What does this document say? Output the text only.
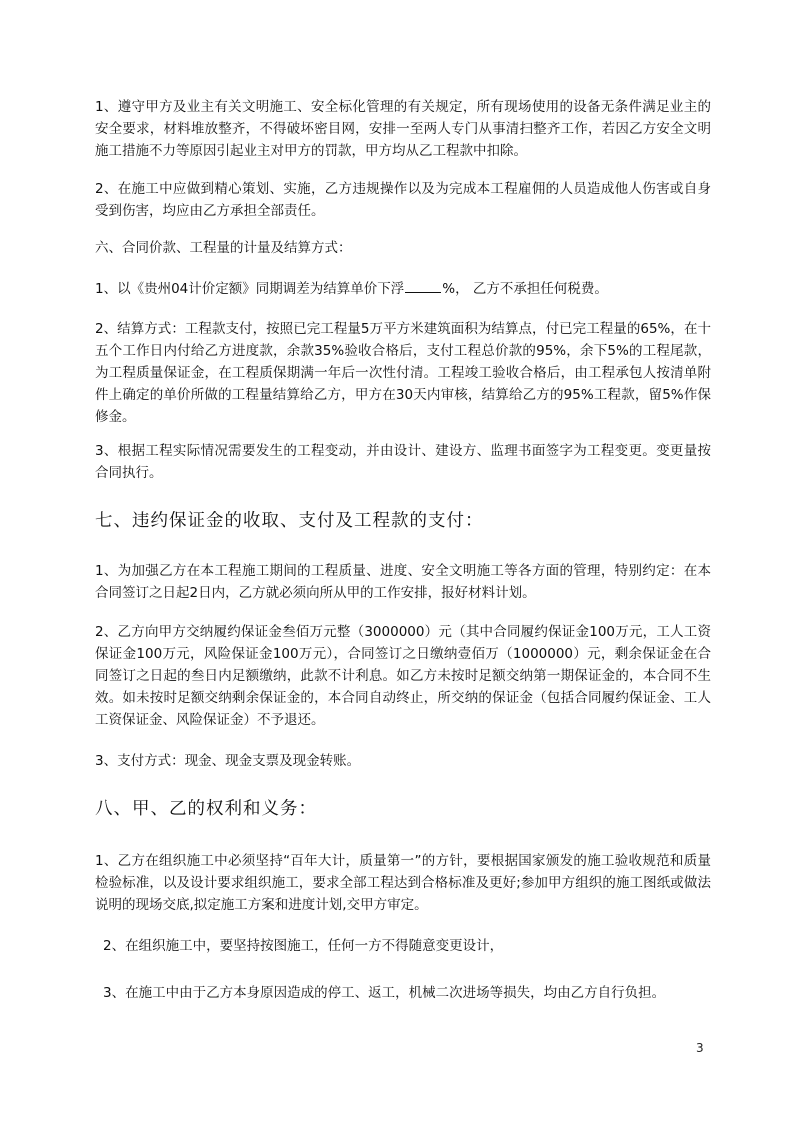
1、遵守甲方及业主有关文明施工、安全标化管理的有关规定，所有现场使用的设备无条件满足业主的安全要求，材料堆放整齐，不得破坏密目网，安排一至两人专门从事清扫整齐工作，若因乙方安全文明施工措施不力等原因引起业主对甲方的罚款，甲方均从乙工程款中扣除。

2、在施工中应做到精心策划、实施，乙方违规操作以及为完成本工程雇佣的人员造成他人伤害或自身受到伤害，均应由乙方承担全部责任。

六、合同价款、工程量的计量及结算方式：

1、以《贵州04计价定额》同期调差为结算单价下浮	%， 乙方不承担任何税费。

2、结算方式：工程款支付，按照已完工程量5万平方米建筑面积为结算点，付已完工程量的65%，在十五个工作日内付给乙方进度款，余款35%验收合格后，支付工程总价款的95%，余下5%的工程尾款，为工程质量保证金，在工程质保期满一年后一次性付清。工程竣工验收合格后，由工程承包人按清单附件上确定的单价所做的工程量结算给乙方，甲方在30天内审核，结算给乙方的95%工程款，留5%作保修金。

3、根据工程实际情况需要发生的工程变动，并由设计、建设方、监理书面签字为工程变更。变更量按合同执行。

七、违约保证金的收取、支付及工程款的支付：

1、为加强乙方在本工程施工期间的工程质量、进度、安全文明施工等各方面的管理，特别约定：在本合同签订之日起2日内，乙方就必须向所从甲的工作安排，报好材料计划。

2、乙方向甲方交纳履约保证金叁佰万元整（3000000）元（其中合同履约保证金100万元，工人工资保证金100万元，风险保证金100万元），合同签订之日缴纳壹佰万（1000000）元，剩余保证金在合同签订之日起的叁日内足额缴纳，此款不计利息。如乙方未按时足额交纳第一期保证金的，本合同不生效。如未按时足额交纳剩余保证金的，本合同自动终止，所交纳的保证金（包括合同履约保证金、工人工资保证金、风险保证金）不予退还。

3、支付方式：现金、现金支票及现金转账。

八、甲、乙的权利和义务：

1、乙方在组织施工中必须坚持“百年大计，质量第一”的方针，要根据国家颁发的施工验收规范和质量检验标准，以及设计要求组织施工，要求全部工程达到合格标准及更好;参加甲方组织的施工图纸或做法说明的现场交底,拟定施工方案和进度计划,交甲方审定。

2、在组织施工中，要坚持按图施工，任何一方不得随意变更设计，

3、在施工中由于乙方本身原因造成的停工、返工，机械二次进场等损失，均由乙方自行负担。

3
